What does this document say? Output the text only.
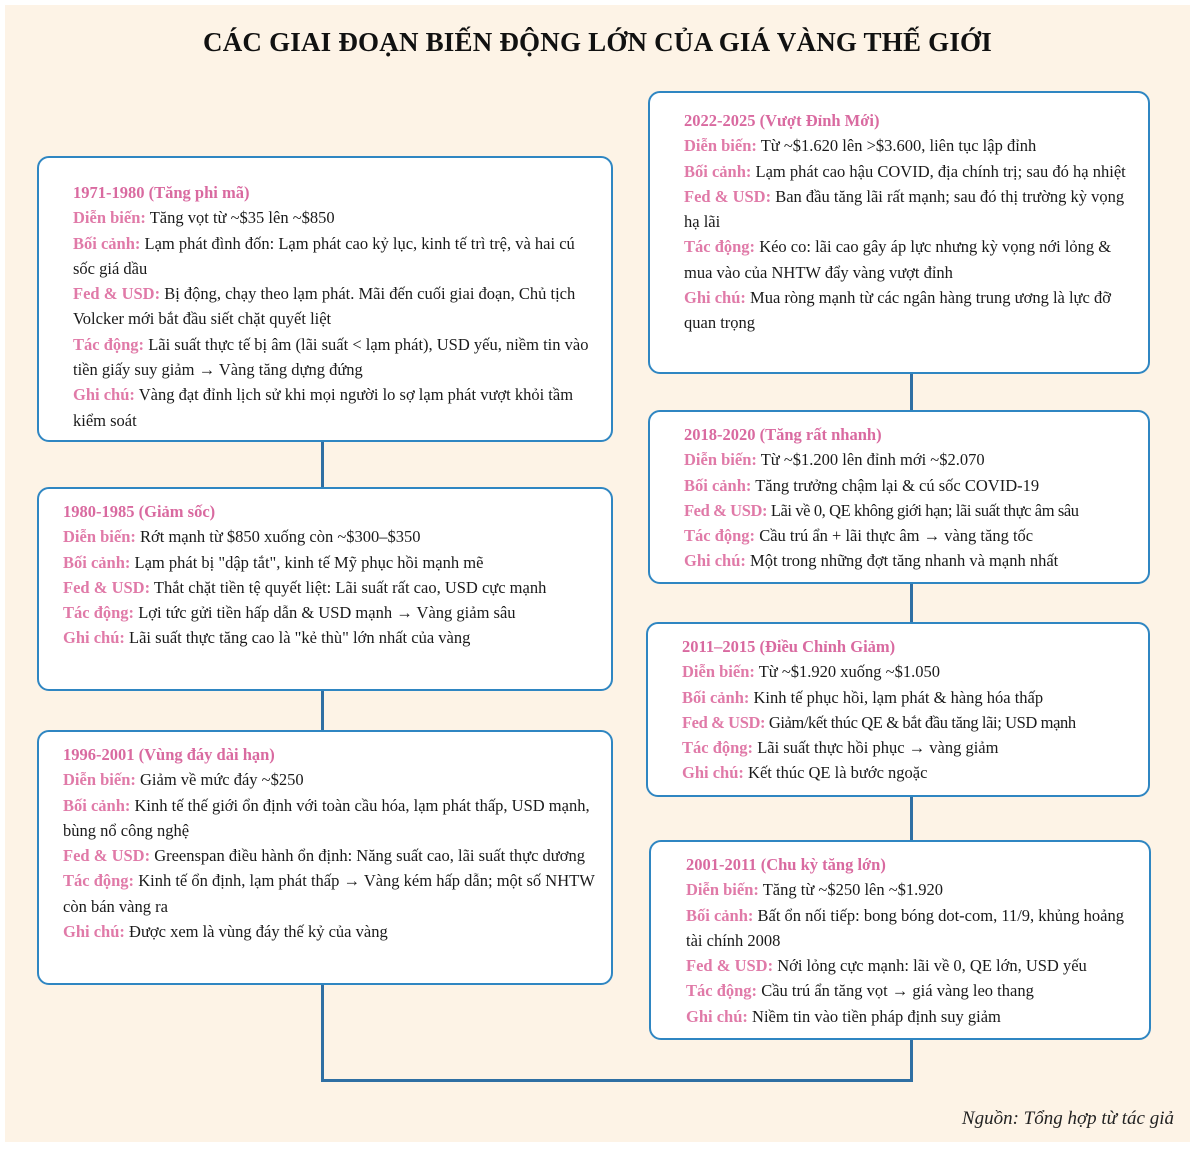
CÁC GIAI ĐOẠN BIẾN ĐỘNG LỚN CỦA GIÁ VÀNG THẾ GIỚI
1971-1980 (Tăng phi mã)
Diễn biến: Tăng vọt từ ~$35 lên ~$850
Bối cảnh: Lạm phát đình đốn: Lạm phát cao kỷ lục, kinh tế trì trệ, và hai cú sốc giá dầu
Fed & USD: Bị động, chạy theo lạm phát. Mãi đến cuối giai đoạn, Chủ tịch Volcker mới bắt đầu siết chặt quyết liệt
Tác động: Lãi suất thực tế bị âm (lãi suất < lạm phát), USD yếu, niềm tin vào tiền giấy suy giảm → Vàng tăng dựng đứng
Ghi chú: Vàng đạt đỉnh lịch sử khi mọi người lo sợ lạm phát vượt khỏi tầm kiểm soát
1980-1985 (Giảm sốc)
Diễn biến: Rớt mạnh từ $850 xuống còn ~$300–$350
Bối cảnh: Lạm phát bị "dập tắt", kinh tế Mỹ phục hồi mạnh mẽ
Fed & USD: Thắt chặt tiền tệ quyết liệt: Lãi suất rất cao, USD cực mạnh
Tác động: Lợi tức gửi tiền hấp dẫn & USD mạnh → Vàng giảm sâu
Ghi chú: Lãi suất thực tăng cao là "kẻ thù" lớn nhất của vàng
1996-2001 (Vùng đáy dài hạn)
Diễn biến: Giảm về mức đáy ~$250
Bối cảnh: Kinh tế thế giới ổn định với toàn cầu hóa, lạm phát thấp, USD mạnh, bùng nổ công nghệ
Fed & USD: Greenspan điều hành ổn định: Năng suất cao, lãi suất thực dương
Tác động: Kinh tế ổn định, lạm phát thấp → Vàng kém hấp dẫn; một số NHTW còn bán vàng ra
Ghi chú: Được xem là vùng đáy thế kỷ của vàng
2022-2025 (Vượt Đỉnh Mới)
Diễn biến: Từ ~$1.620 lên >$3.600, liên tục lập đỉnh
Bối cảnh: Lạm phát cao hậu COVID, địa chính trị; sau đó hạ nhiệt
Fed & USD: Ban đầu tăng lãi rất mạnh; sau đó thị trường kỳ vọng hạ lãi
Tác động: Kéo co: lãi cao gây áp lực nhưng kỳ vọng nới lỏng & mua vào của NHTW đẩy vàng vượt đỉnh
Ghi chú: Mua ròng mạnh từ các ngân hàng trung ương là lực đỡ quan trọng
2018-2020 (Tăng rất nhanh)
Diễn biến: Từ ~$1.200 lên đỉnh mới ~$2.070
Bối cảnh: Tăng trưởng chậm lại & cú sốc COVID-19
Fed & USD: Lãi về 0, QE không giới hạn; lãi suất thực âm sâu
Tác động: Cầu trú ẩn + lãi thực âm → vàng tăng tốc
Ghi chú: Một trong những đợt tăng nhanh và mạnh nhất
2011–2015 (Điều Chỉnh Giảm)
Diễn biến: Từ ~$1.920 xuống ~$1.050
Bối cảnh: Kinh tế phục hồi, lạm phát & hàng hóa thấp
Fed & USD: Giảm/kết thúc QE & bắt đầu tăng lãi; USD mạnh
Tác động: Lãi suất thực hồi phục → vàng giảm
Ghi chú: Kết thúc QE là bước ngoặc
2001-2011 (Chu kỳ tăng lớn)
Diễn biến: Tăng từ ~$250 lên ~$1.920
Bối cảnh: Bất ổn nối tiếp: bong bóng dot-com, 11/9, khủng hoảng tài chính 2008
Fed & USD: Nới lỏng cực mạnh: lãi về 0, QE lớn, USD yếu
Tác động: Cầu trú ẩn tăng vọt → giá vàng leo thang
Ghi chú: Niềm tin vào tiền pháp định suy giảm
Nguồn: Tổng hợp từ tác giả
